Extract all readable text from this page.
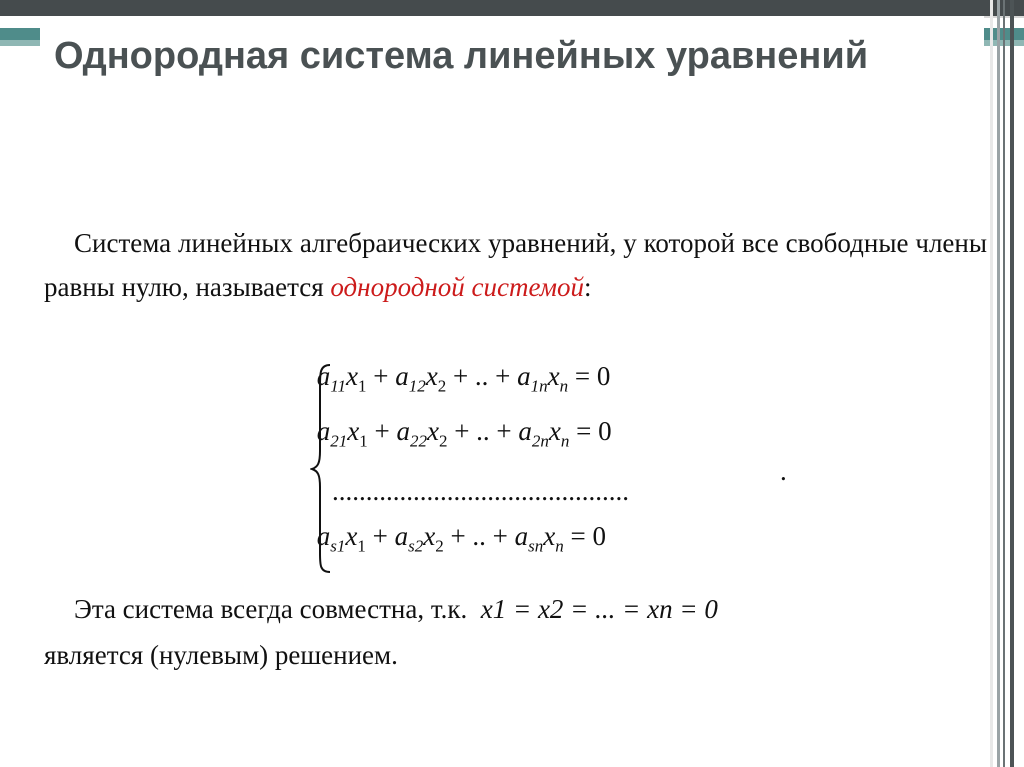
Однородная система линейных уравнений

Система линейных алгебраических уравнений, у которой все свободные члены равны нулю, называется однородной системой:

$a_{11}x_1 + a_{12}x_2$ + .. + $a_{1n}x_n = 0$
$a_{21}x_1 + a_{22}x_2$ + .. + $a_{2n}x_n = 0$
............................................
$a_{s1}x_1 + a_{s2}x_2$ + .. + $a_{sn}x_n = 0$
.

Эта система всегда совместна, т.к.  x1 = x2 = ... = xn = 0
является (нулевым) решением.
